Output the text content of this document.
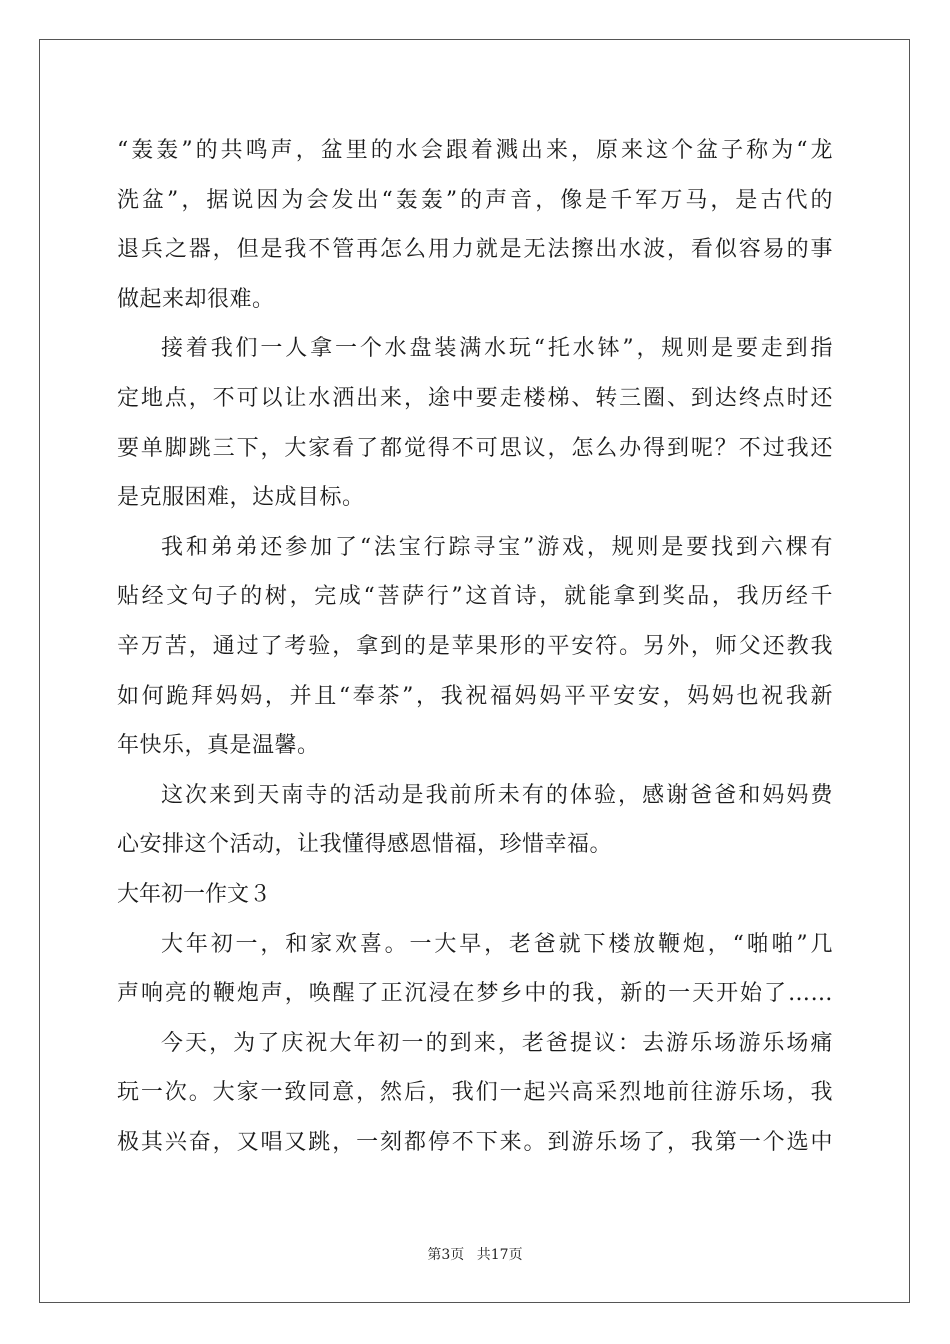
“轰轰”的共鸣声，盆里的水会跟着溅出来，原来这个盆子称为“龙
洗盆”，据说因为会发出“轰轰”的声音，像是千军万马，是古代的
退兵之器，但是我不管再怎么用力就是无法擦出水波，看似容易的事
做起来却很难。
接着我们一人拿一个水盘装满水玩“托水钵”，规则是要走到指
定地点，不可以让水洒出来，途中要走楼梯、转三圈、到达终点时还
要单脚跳三下，大家看了都觉得不可思议，怎么办得到呢？不过我还
是克服困难，达成目标。
我和弟弟还参加了“法宝行踪寻宝”游戏，规则是要找到六棵有
贴经文句子的树，完成“菩萨行”这首诗，就能拿到奖品，我历经千
辛万苦，通过了考验，拿到的是苹果形的平安符。另外，师父还教我
如何跪拜妈妈，并且“奉茶”，我祝福妈妈平平安安，妈妈也祝我新
年快乐，真是温馨。
这次来到天南寺的活动是我前所未有的体验，感谢爸爸和妈妈费
心安排这个活动，让我懂得感恩惜福，珍惜幸福。
大年初一作文３
大年初一，和家欢喜。一大早，老爸就下楼放鞭炮，“啪啪”几
声响亮的鞭炮声，唤醒了正沉浸在梦乡中的我，新的一天开始了……
今天，为了庆祝大年初一的到来，老爸提议：去游乐场游乐场痛
玩一次。大家一致同意，然后，我们一起兴高采烈地前往游乐场，我
极其兴奋，又唱又跳，一刻都停不下来。到游乐场了，我第一个选中
第3页 共17页
